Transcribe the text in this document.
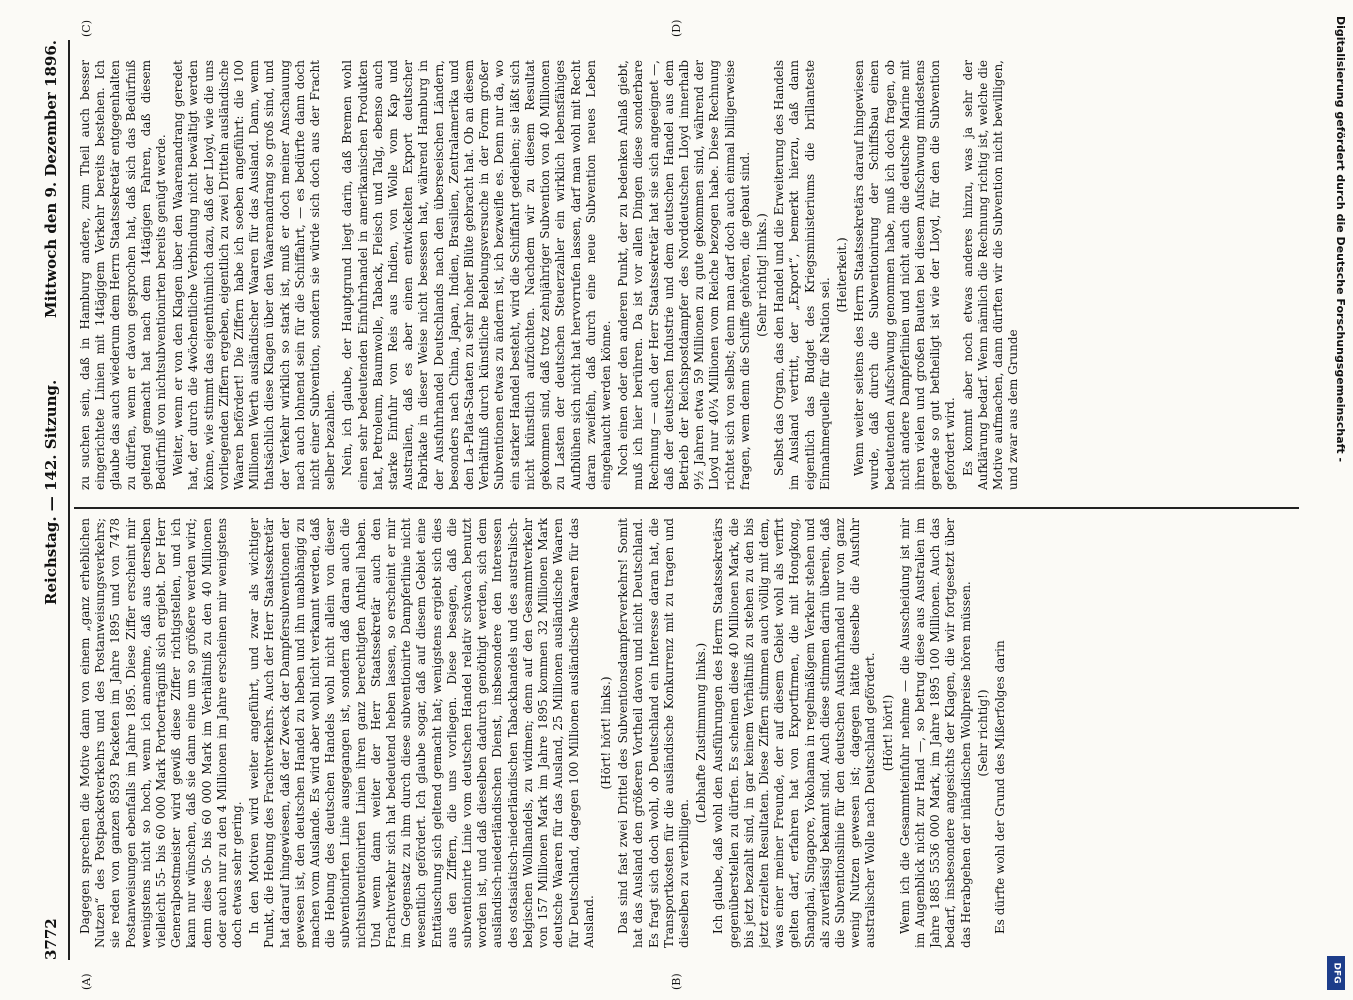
3772
Reichstag. — 142. Sitzung.
Mittwoch den 9. Dezember 1896.
(A)	(B)
(C)	(D)

Dagegen sprechen die Motive dann von einem „ganz erheblichen Nutzen“ des Postpacketverkehrs und des Postanweisungsverkehrs; sie reden von ganzen 8593 Packeten im Jahre 1895 und von 7478 Postanweisungen ebenfalls im Jahre 1895. Diese Ziffer erscheint mir wenigstens nicht so hoch, wenn ich annehme, daß aus derselben vielleicht 55- bis 60 000 Mark Portoerträgniß sich ergiebt. Der Herr Generalpostmeister wird gewiß diese Ziffer richtigstellen, und ich kann nur wünschen, daß sie dann eine um so größere werden wird; denn diese 50- bis 60 000 Mark im Verhältniß zu den 40 Millionen oder auch nur zu den 4 Millionen im Jahre erscheinen mir wenigstens doch etwas sehr gering. In den Motiven wird weiter angeführt, und zwar als wichtiger Punkt, die Hebung des Frachtverkehrs. Auch der Herr Staatssekretär hat darauf hingewiesen, daß der Zweck der Dampfersubventionen der gewesen ist, den deutschen Handel zu heben und ihn unabhängig zu machen vom Auslande. Es wird aber wohl nicht verkannt werden, daß die Hebung des deutschen Handels wohl nicht allein von dieser subventionirten Linie ausgegangen ist, sondern daß daran auch die nichtsubventionirten Linien ihren ganz berechtigten Antheil haben. Und wenn dann weiter der Herr Staatssekretär auch den Frachtverkehr sich hat bedeutend heben lassen, so erscheint er mir im Gegensatz zu ihm durch diese subventionirte Dampferlinie nicht wesentlich gefördert. Ich glaube sogar, daß auf diesem Gebiet eine Enttäuschung sich geltend gemacht hat; wenigstens ergiebt sich dies aus den Ziffern, die uns vorliegen. Diese besagen, daß die subventionirte Linie vom deutschen Handel relativ schwach benutzt worden ist, und daß dieselben dadurch genöthigt werden, sich dem ausländisch-niederländischen Dienst, insbesondere den Interessen des ostasiatisch-niederländischen Tabackhandels und des australisch-belgischen Wollhandels, zu widmen; denn auf den Gesammtverkehr von 157 Millionen Mark im Jahre 1895 kommen 32 Millionen Mark deutsche Waaren für das Ausland, 25 Millionen ausländische Waaren für Deutschland, dagegen 100 Millionen ausländische Waaren für das Ausland.

(Hört! hört! links.) Das sind fast zwei Drittel des Subventionsdampferverkehrs! Somit hat das Ausland den größeren Vortheil davon und nicht Deutschland. Es fragt sich doch wohl, ob Deutschland ein Interesse daran hat, die Transportkosten für die ausländische Konkurrenz mit zu tragen und dieselben zu verbilligen.

(Lebhafte Zustimmung links.) Ich glaube, daß wohl den Ausführungen des Herrn Staatssekretärs gegenüberstellen zu dürfen. Es scheinen diese 40 Millionen Mark, die bis jetzt bezahlt sind, in gar keinem Verhältniß zu stehen zu den bis jetzt erzielten Resultaten. Diese Ziffern stimmen auch völlig mit dem, was einer meiner Freunde, der auf diesem Gebiet wohl als verfirt gelten darf, erfahren hat von Exportfirmen, die mit Hongkong, Shanghai, Singapore, Yokohama in regelmäßigem Verkehr stehen und als zuverlässig bekannt sind. Auch diese stimmen darin überein, daß die Subventionslinie für den deutschen Ausfuhrhandel nur von ganz wenig Nutzen gewesen ist; dagegen hätte dieselbe die Ausfuhr australischer Wolle nach Deutschland gefördert. (Hört! hört!) Wenn ich die Gesammteinfuhr nehme — die Ausscheidung ist mir im Augenblick nicht zur Hand —, so betrug diese aus Australien im Jahre 1885 5536 000 Mark, im Jahre 1895 100 Millionen. Auch das bedarf, insbesondere angesichts der Klagen, die wir fortgesetzt über das Herabgehen der inländischen Wollpreise hören müssen. (Sehr richtig!) Es dürfte wohl der Grund des Mißerfolges darin

zu suchen sein, daß in Hamburg andere, zum Theil auch besser eingerichtete Linien mit 14tägigem Verkehr bereits bestehen. Ich glaube das auch wiederum dem Herrn Staatssekretär entgegenhalten zu dürfen, wenn er davon gesprochen hat, daß sich das Bedürfniß geltend gemacht hat nach dem 14tägigen Fahren, daß diesem Bedürfniß von nichtsubventionirten bereits genügt werde. Weiter, wenn er von den Klagen über den Waarenandrang geredet hat, der durch die 4wöchentliche Verbindung nicht bewältigt werden könne, wie stimmt das eigenthümlich dazu, daß der Lloyd, wie die uns vorliegenden Ziffern ergeben, eigentlich zu zwei Dritteln ausländische Waaren befördert! Die Ziffern habe ich soeben angeführt: die 100 Millionen Werth ausländischer Waaren für das Ausland. Dann, wenn thatsächlich diese Klagen über den Waarenandrang so groß sind, und der Verkehr wirklich so stark ist, muß er doch meiner Anschauung nach auch lohnend sein für die Schiffahrt, — es bedürfte dann doch nicht einer Subvention, sondern sie würde sich doch aus der Fracht selber bezahlen. Nein, ich glaube, der Hauptgrund liegt darin, daß Bremen wohl einen sehr bedeutenden Einfuhrhandel in amerikanischen Produkten hat, Petroleum, Baumwolle, Taback, Fleisch und Talg, ebenso auch starke Einfuhr von Reis aus Indien, von Wolle vom Kap und Australien, daß es aber einen entwickelten Export deutscher Fabrikate in dieser Weise nicht besessen hat, während Hamburg in der Ausfuhrhandel Deutschlands nach den überseeischen Ländern, besonders nach China, Japan, Indien, Brasilien, Zentralamerika und den La-Plata-Staaten zu sehr hoher Blüte gebracht hat. Ob an diesem Verhältniß durch künstliche Belebungsversuche in der Form großer Subventionen etwas zu ändern ist, ich bezweifle es. Denn nur da, wo ein starker Handel besteht, wird die Schiffahrt gedeihen; sie läßt sich nicht künstlich aufzüchten. Nachdem wir zu diesem Resultat gekommen sind, daß trotz zehnjähriger Subvention von 40 Millionen zu Lasten der deutschen Steuerzahler ein wirklich lebensfähiges Aufblühen sich nicht hat hervorrufen lassen, darf man wohl mit Recht daran zweifeln, daß durch eine neue Subvention neues Leben eingehaucht werden könne. Noch einen oder den anderen Punkt, der zu bedenken Anlaß giebt, muß ich hier berühren. Da ist vor allen Dingen diese sonderbare Rechnung — auch der Herr Staatssekretär hat sie sich angeeignet —, daß der deutschen Industrie und dem deutschen Handel aus dem Betrieb der Reichspostdampfer des Norddeutschen Lloyd innerhalb 9½ Jahren etwa 59 Millionen zu gute gekommen sind, während der Lloyd nur 40¼ Millionen vom Reiche bezogen habe. Diese Rechnung richtet sich von selbst; denn man darf doch auch einmal billigerweise fragen, wem denn die Schiffe gehören, die gebaut sind. (Sehr richtig! links.) Selbst das Organ, das den Handel und die Erweiterung des Handels im Ausland vertritt, der „Export“, bemerkt hierzu, daß dann eigentlich das Budget des Kriegsministeriums die brillanteste Einnahmequelle für die Nation sei.

(Heiterkeit.) Wenn weiter seitens des Herrn Staatssekretärs darauf hingewiesen wurde, daß durch die Subventionirung der Schiffsbau einen bedeutenden Aufschwung genommen habe, muß ich doch fragen, ob nicht andere Dampferlinien und nicht auch die deutsche Marine mit ihren vielen und großen Bauten bei diesem Aufschwung mindestens gerade so gut betheiligt ist wie der Lloyd, für den die Subvention gefordert wird. Es kommt aber noch etwas anderes hinzu, was ja sehr der Aufklärung bedarf. Wenn nämlich die Rechnung richtig ist, welche die Motive aufmachen, dann dürften wir die Subvention nicht bewilligen, und zwar aus dem Grunde

DFG
Digitalisierung gefördert durch die Deutsche Forschungsgemeinschaft -
